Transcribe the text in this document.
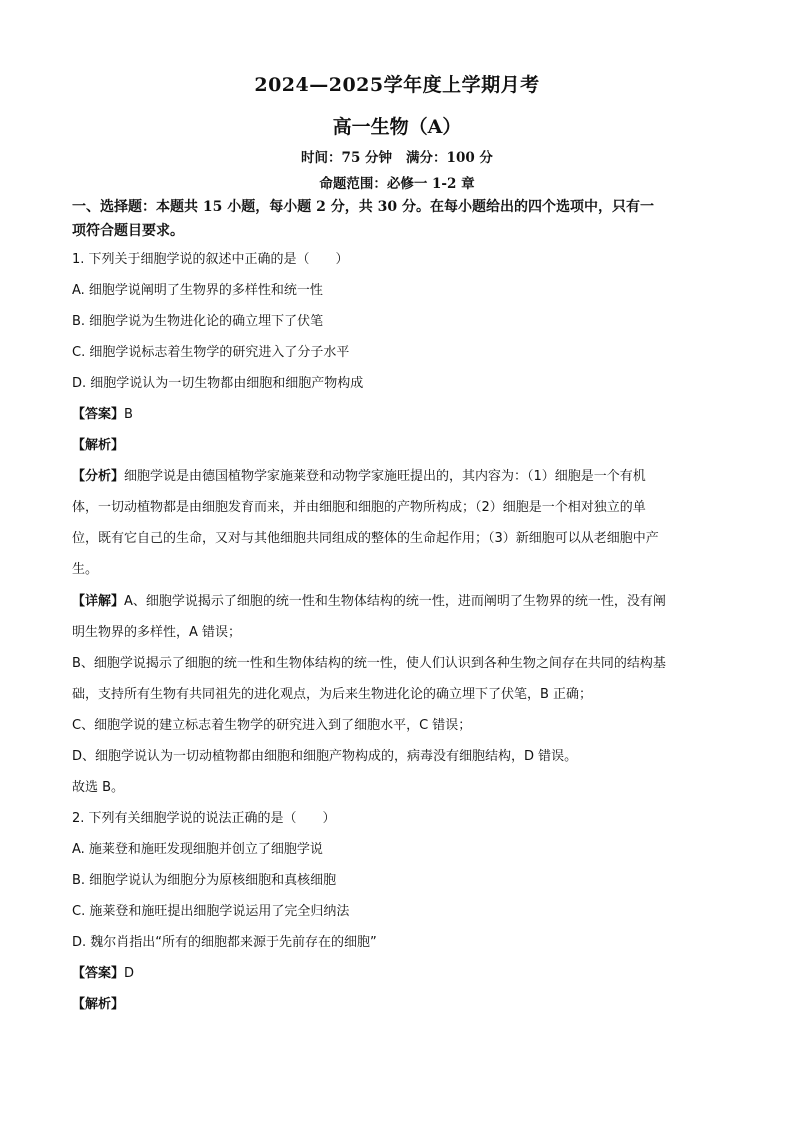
2024—2025学年度上学期月考
高一生物（A）
时间：75 分钟 满分：100 分
命题范围：必修一 1-2 章
一、选择题：本题共 15 小题，每小题 2 分，共 30 分。在每小题给出的四个选项中，只有一
项符合题目要求。
1. 下列关于细胞学说的叙述中正确的是（　　）
A. 细胞学说阐明了生物界的多样性和统一性
B. 细胞学说为生物进化论的确立埋下了伏笔
C. 细胞学说标志着生物学的研究进入了分子水平
D. 细胞学说认为一切生物都由细胞和细胞产物构成
【答案】B
【解析】
【分析】细胞学说是由德国植物学家施莱登和动物学家施旺提出的，其内容为：（1）细胞是一个有机
体，一切动植物都是由细胞发育而来，并由细胞和细胞的产物所构成；（2）细胞是一个相对独立的单
位，既有它自己的生命，又对与其他细胞共同组成的整体的生命起作用；（3）新细胞可以从老细胞中产
生。
【详解】A、细胞学说揭示了细胞的统一性和生物体结构的统一性，进而阐明了生物界的统一性，没有阐
明生物界的多样性，A 错误；
B、细胞学说揭示了细胞的统一性和生物体结构的统一性，使人们认识到各种生物之间存在共同的结构基
础，支持所有生物有共同祖先的进化观点，为后来生物进化论的确立埋下了伏笔，B 正确；
C、细胞学说的建立标志着生物学的研究进入到了细胞水平，C 错误；
D、细胞学说认为一切动植物都由细胞和细胞产物构成的，病毒没有细胞结构，D 错误。
故选 B。
2. 下列有关细胞学说的说法正确的是（　　）
A. 施莱登和施旺发现细胞并创立了细胞学说
B. 细胞学说认为细胞分为原核细胞和真核细胞
C. 施莱登和施旺提出细胞学说运用了完全归纳法
D. 魏尔肖指出“所有的细胞都来源于先前存在的细胞”
【答案】D
【解析】
